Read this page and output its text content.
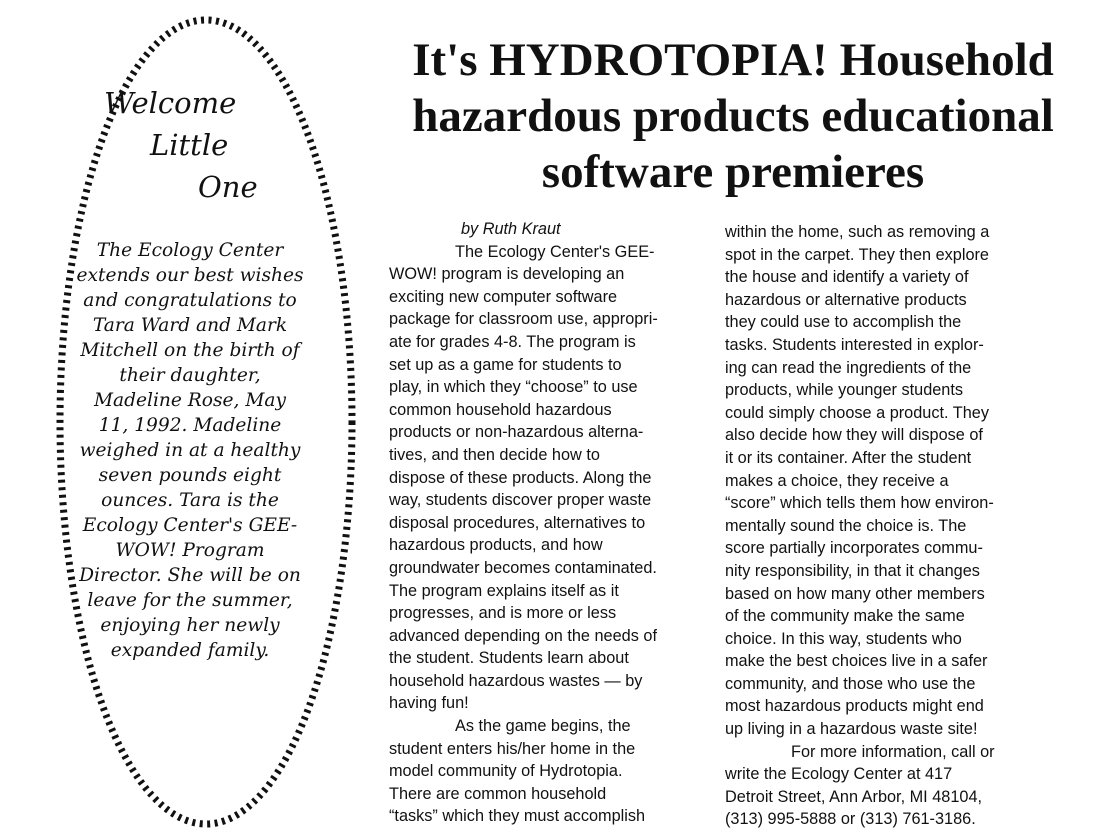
Welcome
Little
One
The Ecology Center
extends our best wishes
and congratulations to
Tara Ward and Mark
Mitchell on the birth of
their daughter,
Madeline Rose, May
11, 1992. Madeline
weighed in at a healthy
seven pounds eight
ounces. Tara is the
Ecology Center's GEE-
WOW! Program
Director. She will be on
leave for the summer,
enjoying her newly
expanded family.
It's HYDROTOPIA! Household
hazardous products educational
software premieres
by Ruth Kraut
The Ecology Center's GEE-
WOW! program is developing an
exciting new computer software
package for classroom use, appropri-
ate for grades 4-8. The program is
set up as a game for students to
play, in which they “choose” to use
common household hazardous
products or non-hazardous alterna-
tives, and then decide how to
dispose of these products. Along the
way, students discover proper waste
disposal procedures, alternatives to
hazardous products, and how
groundwater becomes contaminated.
The program explains itself as it
progresses, and is more or less
advanced depending on the needs of
the student. Students learn about
household hazardous wastes — by
having fun!
As the game begins, the
student enters his/her home in the
model community of Hydrotopia.
There are common household
“tasks” which they must accomplish
within the home, such as removing a
spot in the carpet. They then explore
the house and identify a variety of
hazardous or alternative products
they could use to accomplish the
tasks. Students interested in explor-
ing can read the ingredients of the
products, while younger students
could simply choose a product. They
also decide how they will dispose of
it or its container. After the student
makes a choice, they receive a
“score” which tells them how environ-
mentally sound the choice is. The
score partially incorporates commu-
nity responsibility, in that it changes
based on how many other members
of the community make the same
choice. In this way, students who
make the best choices live in a safer
community, and those who use the
most hazardous products might end
up living in a hazardous waste site!
For more information, call or
write the Ecology Center at 417
Detroit Street, Ann Arbor, MI 48104,
(313) 995-5888 or (313) 761-3186.
